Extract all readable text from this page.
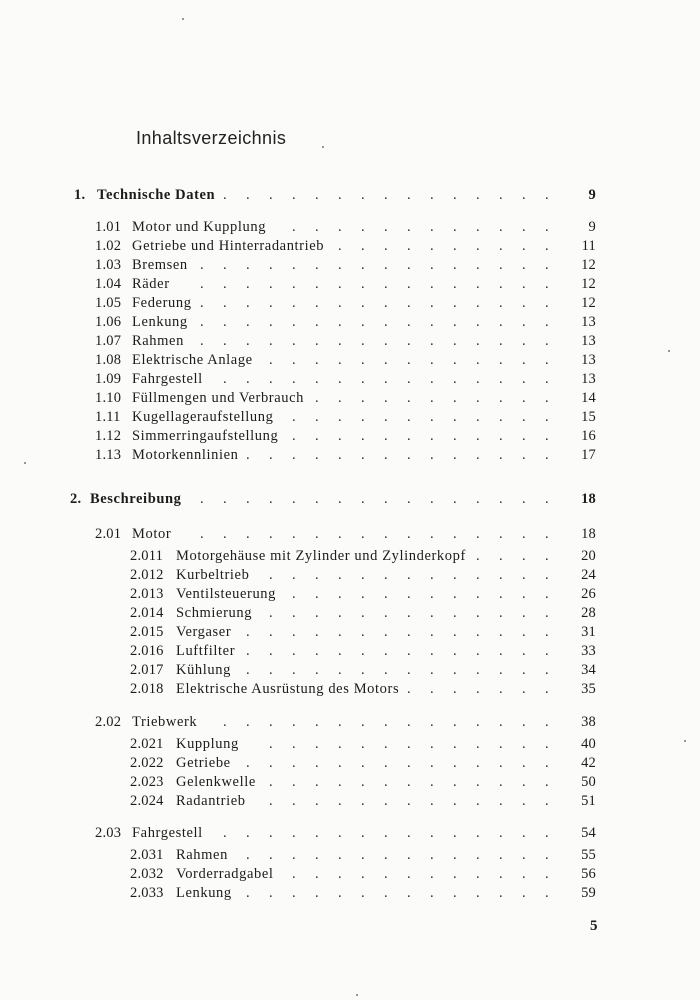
Inhaltsverzeichnis
1. Technische Daten . . . . . . . . . . . . . . .	9
1.01 Motor und Kupplung . . . . . . . . . . . .	9
1.02 Getriebe und Hinterradantrieb . . . . . . . . . . 11
1.03 Bremsen . . . . . . . . . . . . . . . . 12
1.04 Räder . . . . . . . . . . . . . . . . 12
1.05 Federung . . . . . . . . . . . . . . . . 12
1.06 Lenkung . . . . . . . . . . . . . . . . 13
1.07 Rahmen . . . . . . . . . . . . . . . . 13
1.08 Elektrische Anlage . . . . . . . . . . . . . 13
1.09 Fahrgestell . . . . . . . . . . . . . . . 13
1.10 Füllmengen und Verbrauch . . . . . . . . . . . 14
1.11 Kugellageraufstellung . . . . . . . . . . . . 15
1.12 Simmerringaufstellung . . . . . . . . . . . . 16
1.13 Motorkennlinien . . . . . . . . . . . . . . 17
2. Beschreibung . . . . . . . . . . . . . . . . 18
2.01 Motor . . . . . . . . . . . . . . . . 18
2.011 Motorgehäuse mit Zylinder und Zylinderkopf . . . . 20
2.012 Kurbeltrieb . . . . . . . . . . . . . 24
2.013 Ventilsteuerung . . . . . . . . . . . . 26
2.014 Schmierung . . . . . . . . . . . . . 28
2.015 Vergaser . . . . . . . . . . . . . . 31
2.016 Luftfilter . . . . . . . . . . . . . . 33
2.017 Kühlung . . . . . . . . . . . . . . 34
2.018 Elektrische Ausrüstung des Motors . . . . . . . 35
2.02 Triebwerk . . . . . . . . . . . . . . . 38
2.021 Kupplung . . . . . . . . . . . . . 40
2.022 Getriebe . . . . . . . . . . . . . . 42
2.023 Gelenkwelle . . . . . . . . . . . . . 50
2.024 Radantrieb . . . . . . . . . . . . . 51
2.03 Fahrgestell . . . . . . . . . . . . . . . 54
2.031 Rahmen . . . . . . . . . . . . . . 55
2.032 Vorderradgabel . . . . . . . . . . . . 56
2.033 Lenkung . . . . . . . . . . . . . . 59
5
